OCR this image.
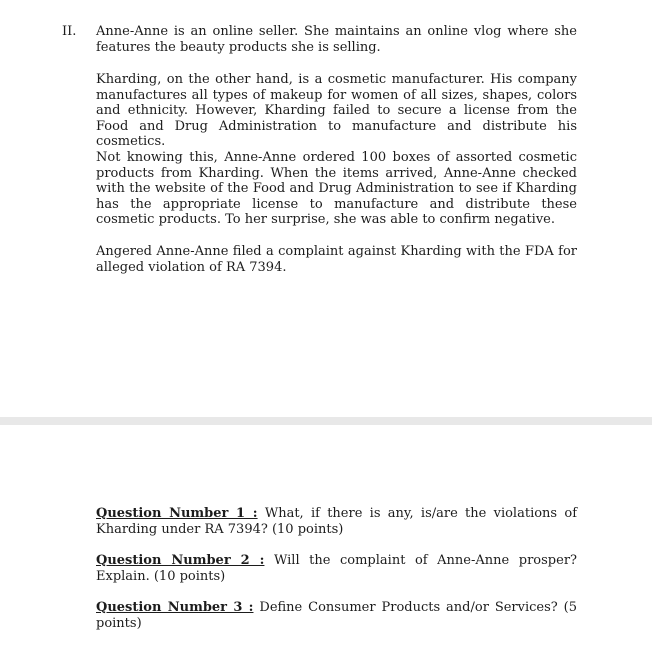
II. Anne-Anne is an online seller. She maintains an online vlog where she features the beauty products she is selling.

Kharding, on the other hand, is a cosmetic manufacturer. His company manufactures all types of makeup for women of all sizes, shapes, colors and ethnicity. However, Kharding failed to secure a license from the Food and Drug Administration to manufacture and distribute his cosmetics.

Not knowing this, Anne-Anne ordered 100 boxes of assorted cosmetic products from Kharding. When the items arrived, Anne-Anne checked with the website of the Food and Drug Administration to see if Kharding has the appropriate license to manufacture and distribute these cosmetic products. To her surprise, she was able to confirm negative.

Angered Anne-Anne filed a complaint against Kharding with the FDA for alleged violation of RA 7394.

Question Number 1 : What, if there is any, is/are the violations of Kharding under RA 7394? (10 points)

Question Number 2 : Will the complaint of Anne-Anne prosper? Explain. (10 points)

Question Number 3 : Define Consumer Products and/or Services? (5 points)
